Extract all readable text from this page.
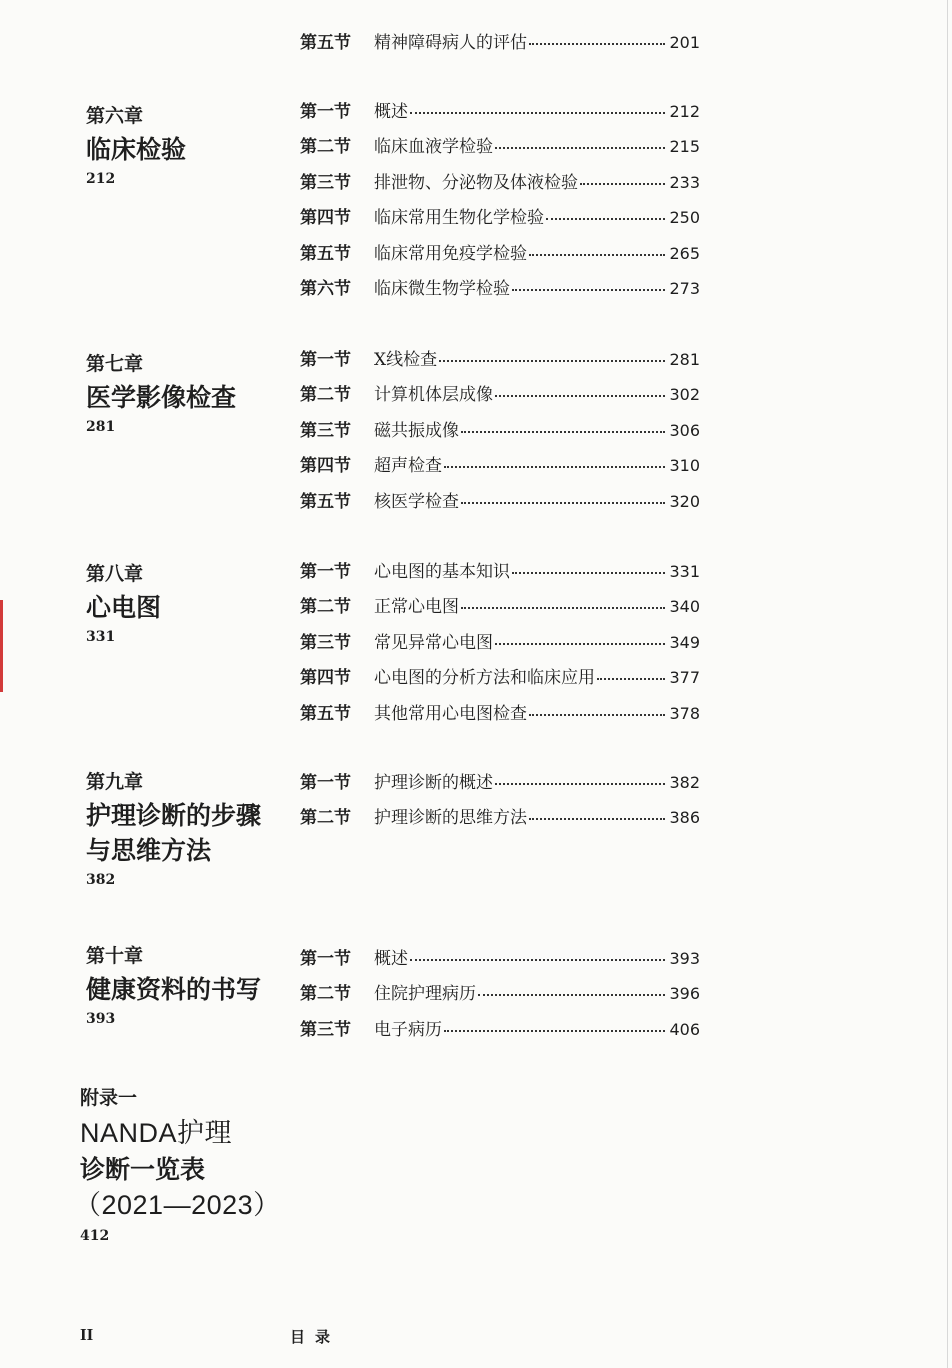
第五节	精神障碍病人的评估	201
第六章
临床检验
212
第一节	概述	212
第二节	临床血液学检验	215
第三节	排泄物、分泌物及体液检验	233
第四节	临床常用生物化学检验	250
第五节	临床常用免疫学检验	265
第六节	临床微生物学检验	273
第七章
医学影像检查
281
第一节	X线检查	281
第二节	计算机体层成像	302
第三节	磁共振成像	306
第四节	超声检查	310
第五节	核医学检查	320
第八章
心电图
331
第一节	心电图的基本知识	331
第二节	正常心电图	340
第三节	常见异常心电图	349
第四节	心电图的分析方法和临床应用	377
第五节	其他常用心电图检查	378
第九章
护理诊断的步骤
与思维方法
382
第一节	护理诊断的概述	382
第二节	护理诊断的思维方法	386
第十章
健康资料的书写
393
第一节	概述	393
第二节	住院护理病历	396
第三节	电子病历	406
附录一
NANDA护理
诊断一览表
（2021—2023）
412
II	目录
